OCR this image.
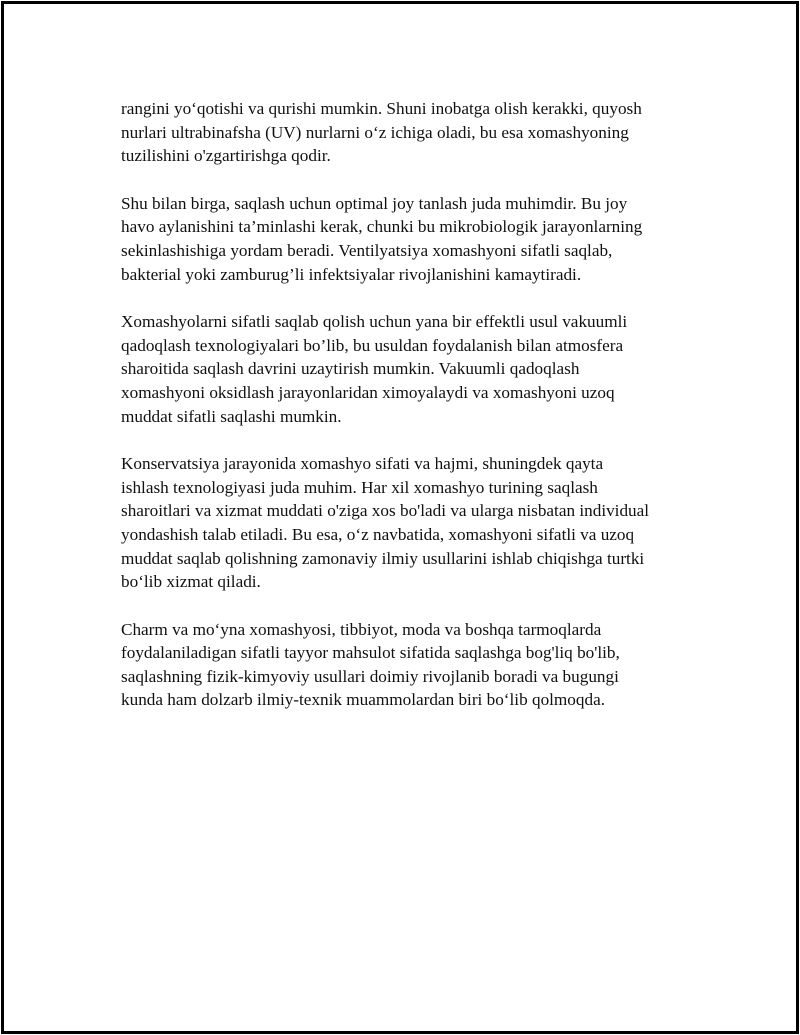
rangini yoʻqotishi va qurishi mumkin. Shuni inobatga olish kerakki, quyosh
nurlari ultrabinafsha (UV) nurlarni oʻz ichiga oladi, bu esa xomashyoning
tuzilishini o'zgartirishga qodir.

Shu bilan birga, saqlash uchun optimal joy tanlash juda muhimdir. Bu joy
havo aylanishini ta’minlashi kerak, chunki bu mikrobiologik jarayonlarning
sekinlashishiga yordam beradi. Ventilyatsiya xomashyoni sifatli saqlab,
bakterial yoki zamburug’li infektsiyalar rivojlanishini kamaytiradi.

Xomashyolarni sifatli saqlab qolish uchun yana bir effektli usul vakuumli
qadoqlash texnologiyalari bo’lib, bu usuldan foydalanish bilan atmosfera
sharoitida saqlash davrini uzaytirish mumkin. Vakuumli qadoqlash
xomashyoni oksidlash jarayonlaridan ximoyalaydi va xomashyoni uzoq
muddat sifatli saqlashi mumkin.

Konservatsiya jarayonida xomashyo sifati va hajmi, shuningdek qayta
ishlash texnologiyasi juda muhim. Har xil xomashyo turining saqlash
sharoitlari va xizmat muddati o'ziga xos bo'ladi va ularga nisbatan individual
yondashish talab etiladi. Bu esa, oʻz navbatida, xomashyoni sifatli va uzoq
muddat saqlab qolishning zamonaviy ilmiy usullarini ishlab chiqishga turtki
boʻlib xizmat qiladi.

Charm va moʻyna xomashyosi, tibbiyot, moda va boshqa tarmoqlarda
foydalaniladigan sifatli tayyor mahsulot sifatida saqlashga bog'liq bo'lib,
saqlashning fizik-kimyoviy usullari doimiy rivojlanib boradi va bugungi
kunda ham dolzarb ilmiy-texnik muammolardan biri boʻlib qolmoqda.
